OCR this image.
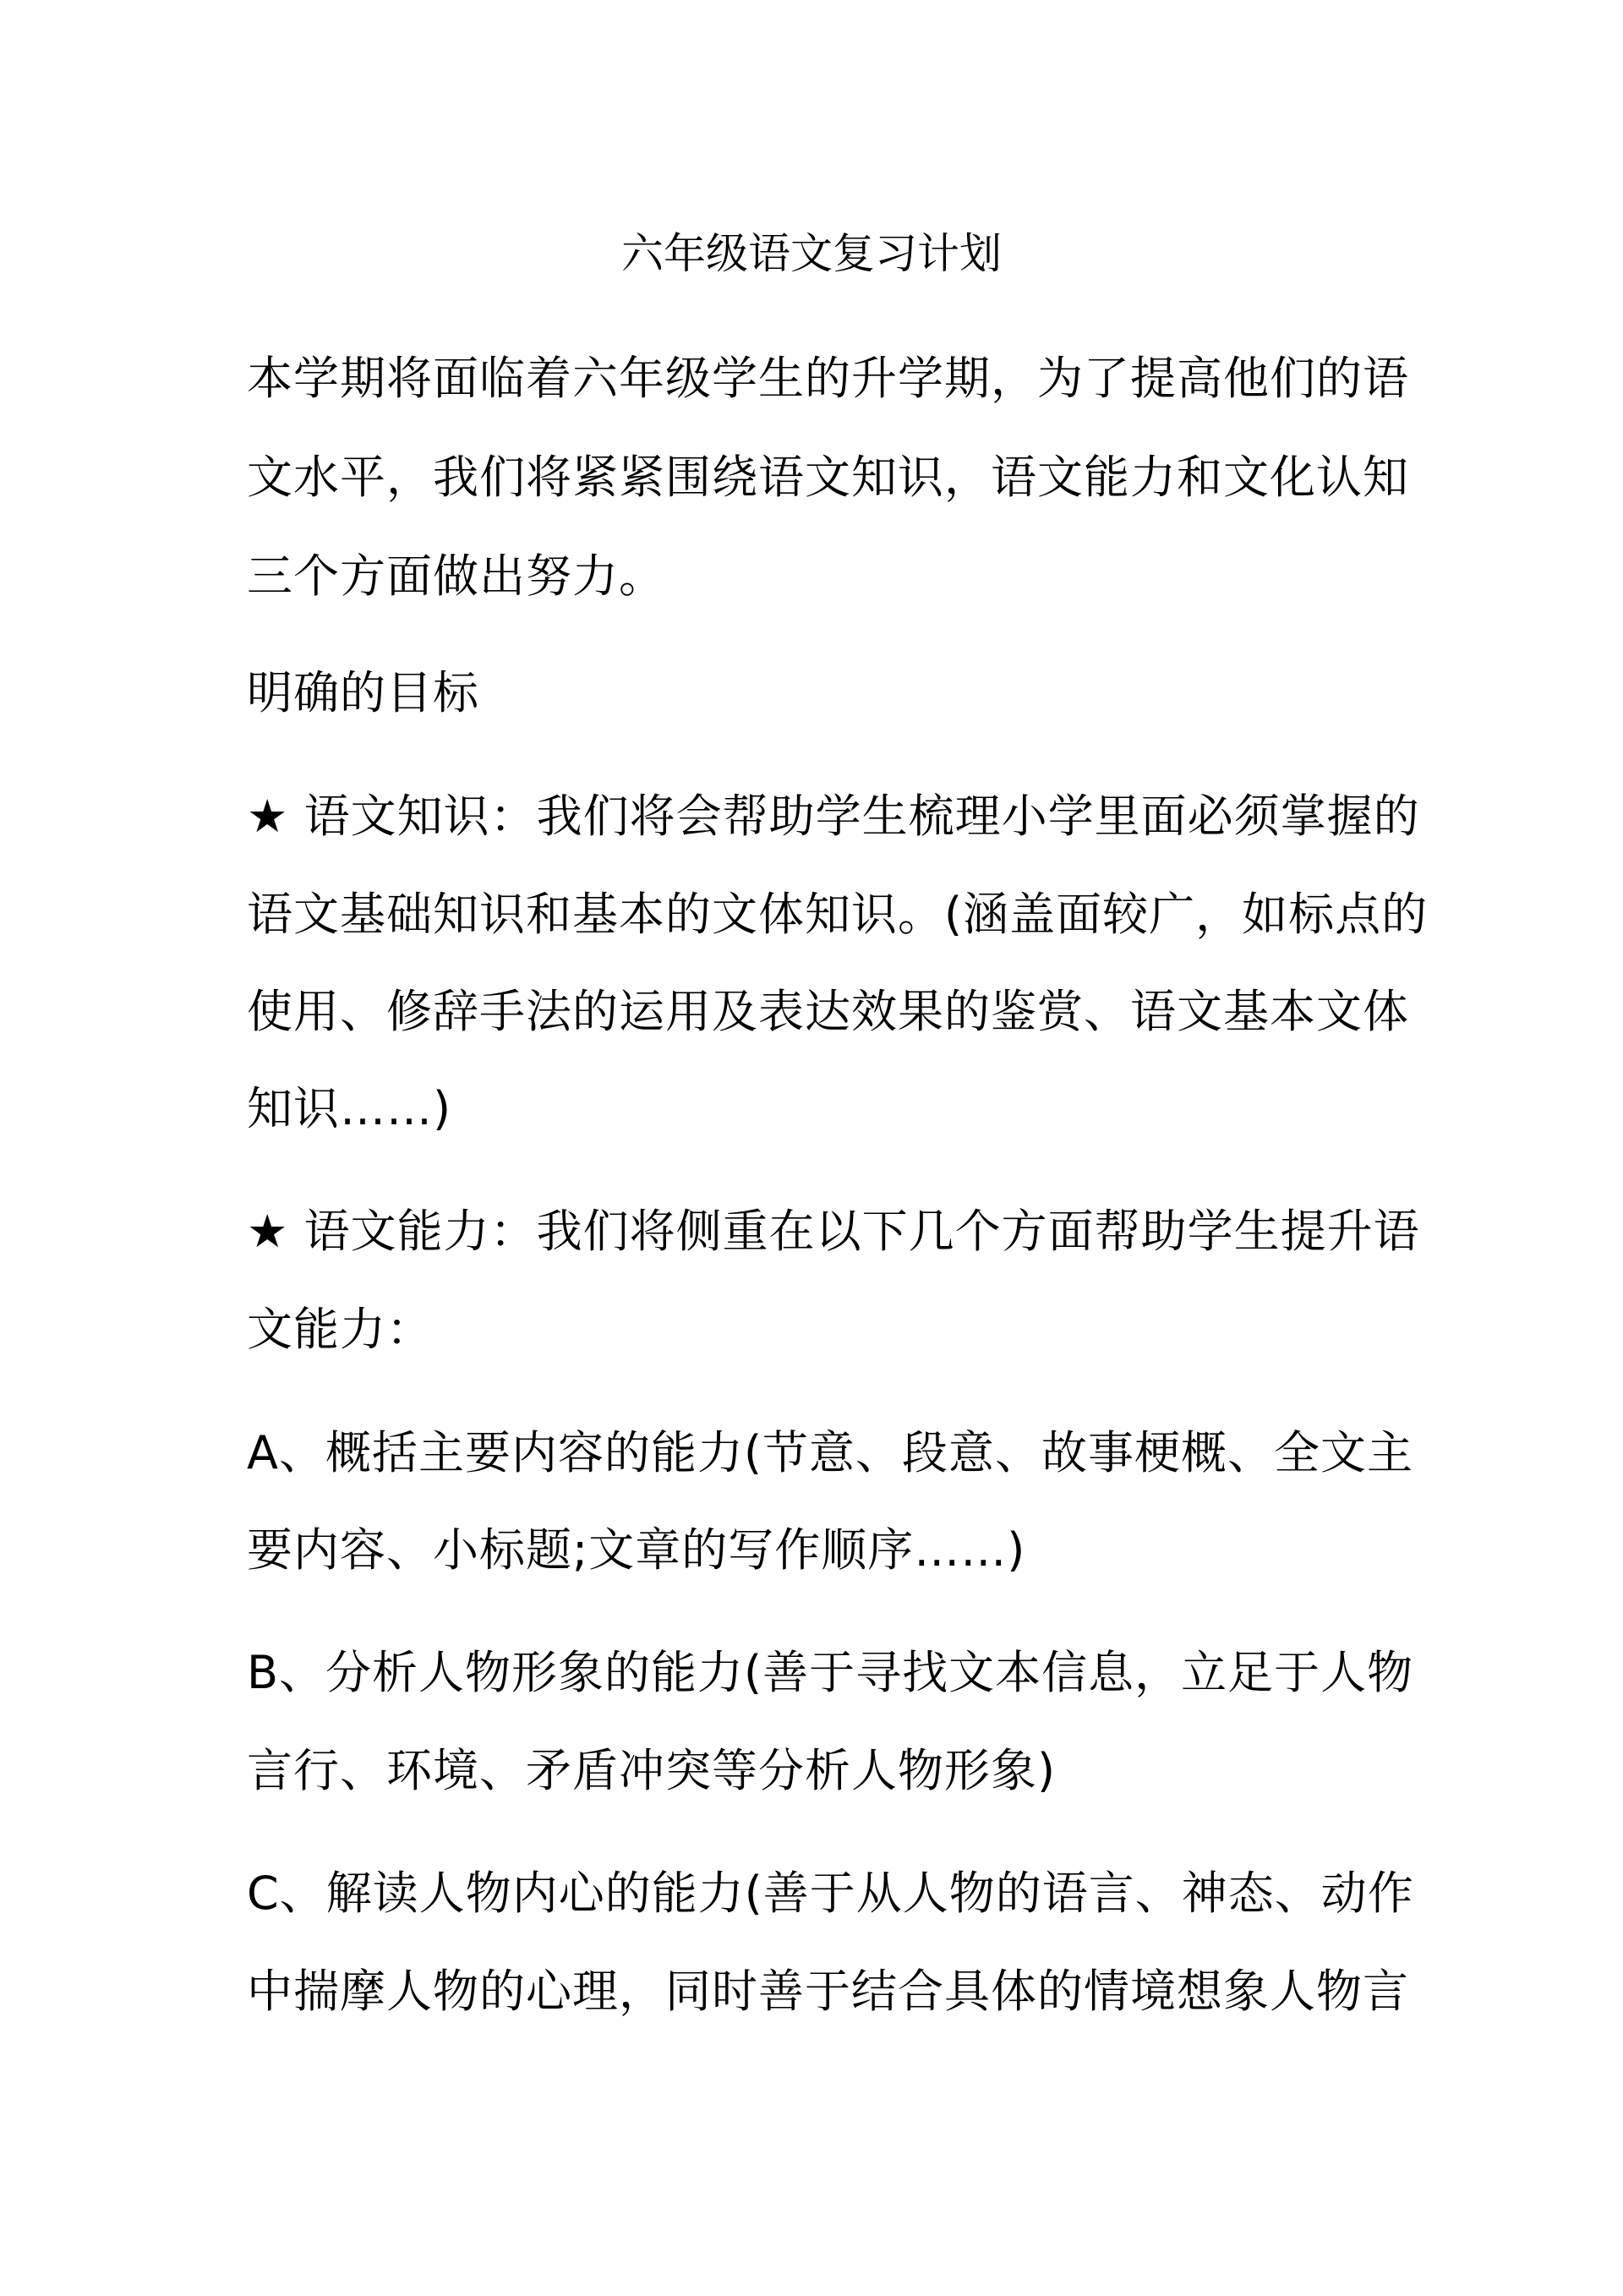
六年级语文复习计划
本学期将面临着六年级学生的升学期，为了提高他们的语
文水平，我们将紧紧围绕语文知识，语文能力和文化认知
三个方面做出努力。
明确的目标
★ 语文知识：我们将会帮助学生梳理小学里面必须掌握的
语文基础知识和基本的文体知识。(涵盖面较广，如标点的
使用、修辞手法的运用及表达效果的鉴赏、语文基本文体
知识……)
★ 语文能力：我们将侧重在以下几个方面帮助学生提升语
文能力：
A、概括主要内容的能力(节意、段意、故事梗概、全文主
要内容、小标题;文章的写作顺序……)
B、分析人物形象的能力(善于寻找文本信息，立足于人物
言行、环境、矛盾冲突等分析人物形象)
C、解读人物内心的能力(善于从人物的语言、神态、动作
中揣摩人物的心理，同时善于结合具体的情境想象人物言
